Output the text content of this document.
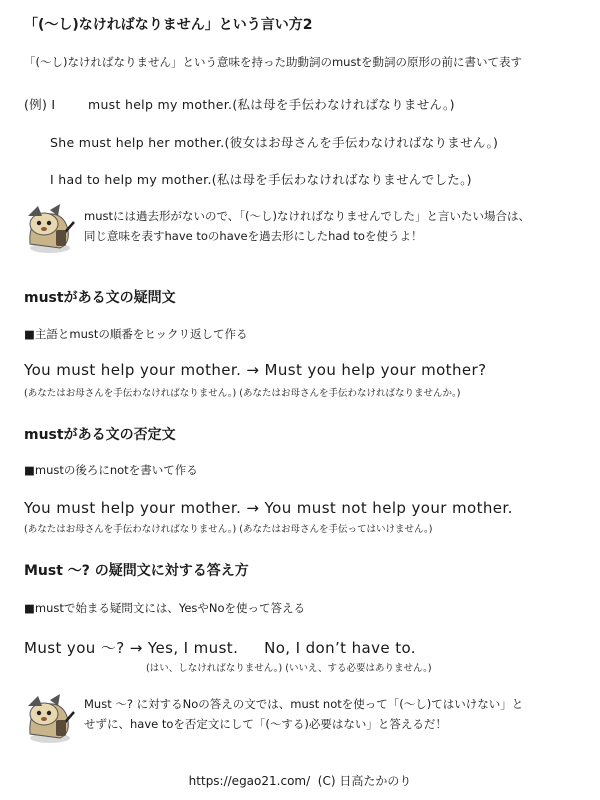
「(〜し)なければなりません」という言い方2
「(〜し)なければなりません」という意味を持った助動詞のmustを動詞の原形の前に書いて表す
(例) I	must help my mother.(私は母を手伝わなければなりません。)
She must help her mother.(彼女はお母さんを手伝わなければなりません。)
I had to help my mother.(私は母を手伝わなければなりませんでした。)
mustには過去形がないので、「(〜し)なければなりませんでした」と言いたい場合は、
同じ意味を表すhave toのhaveを過去形にしたhad toを使うよ！
mustがある文の疑問文
■主語とmustの順番をヒックリ返して作る
You must help your mother. → Must you help your mother?
(あなたはお母さんを手伝わなければなりません。) (あなたはお母さんを手伝わなければなりませんか。)
mustがある文の否定文
■mustの後ろにnotを書いて作る
You must help your mother. → You must not help your mother.
(あなたはお母さんを手伝わなければなりません。) (あなたはお母さんを手伝ってはいけません。)
Must 〜? の疑問文に対する答え方
■mustで始まる疑問文には、YesやNoを使って答える
Must you 〜? → Yes, I must.     No, I don’t have to.
(はい、しなければなりません。) (いいえ、する必要はありません。)
Must 〜? に対するNoの答えの文では、must notを使って「(〜し)てはいけない」と
せずに、have toを否定文にして「(〜する)必要はない」と答えるだ！
https://egao21.com/  (C) 日高たかのり
